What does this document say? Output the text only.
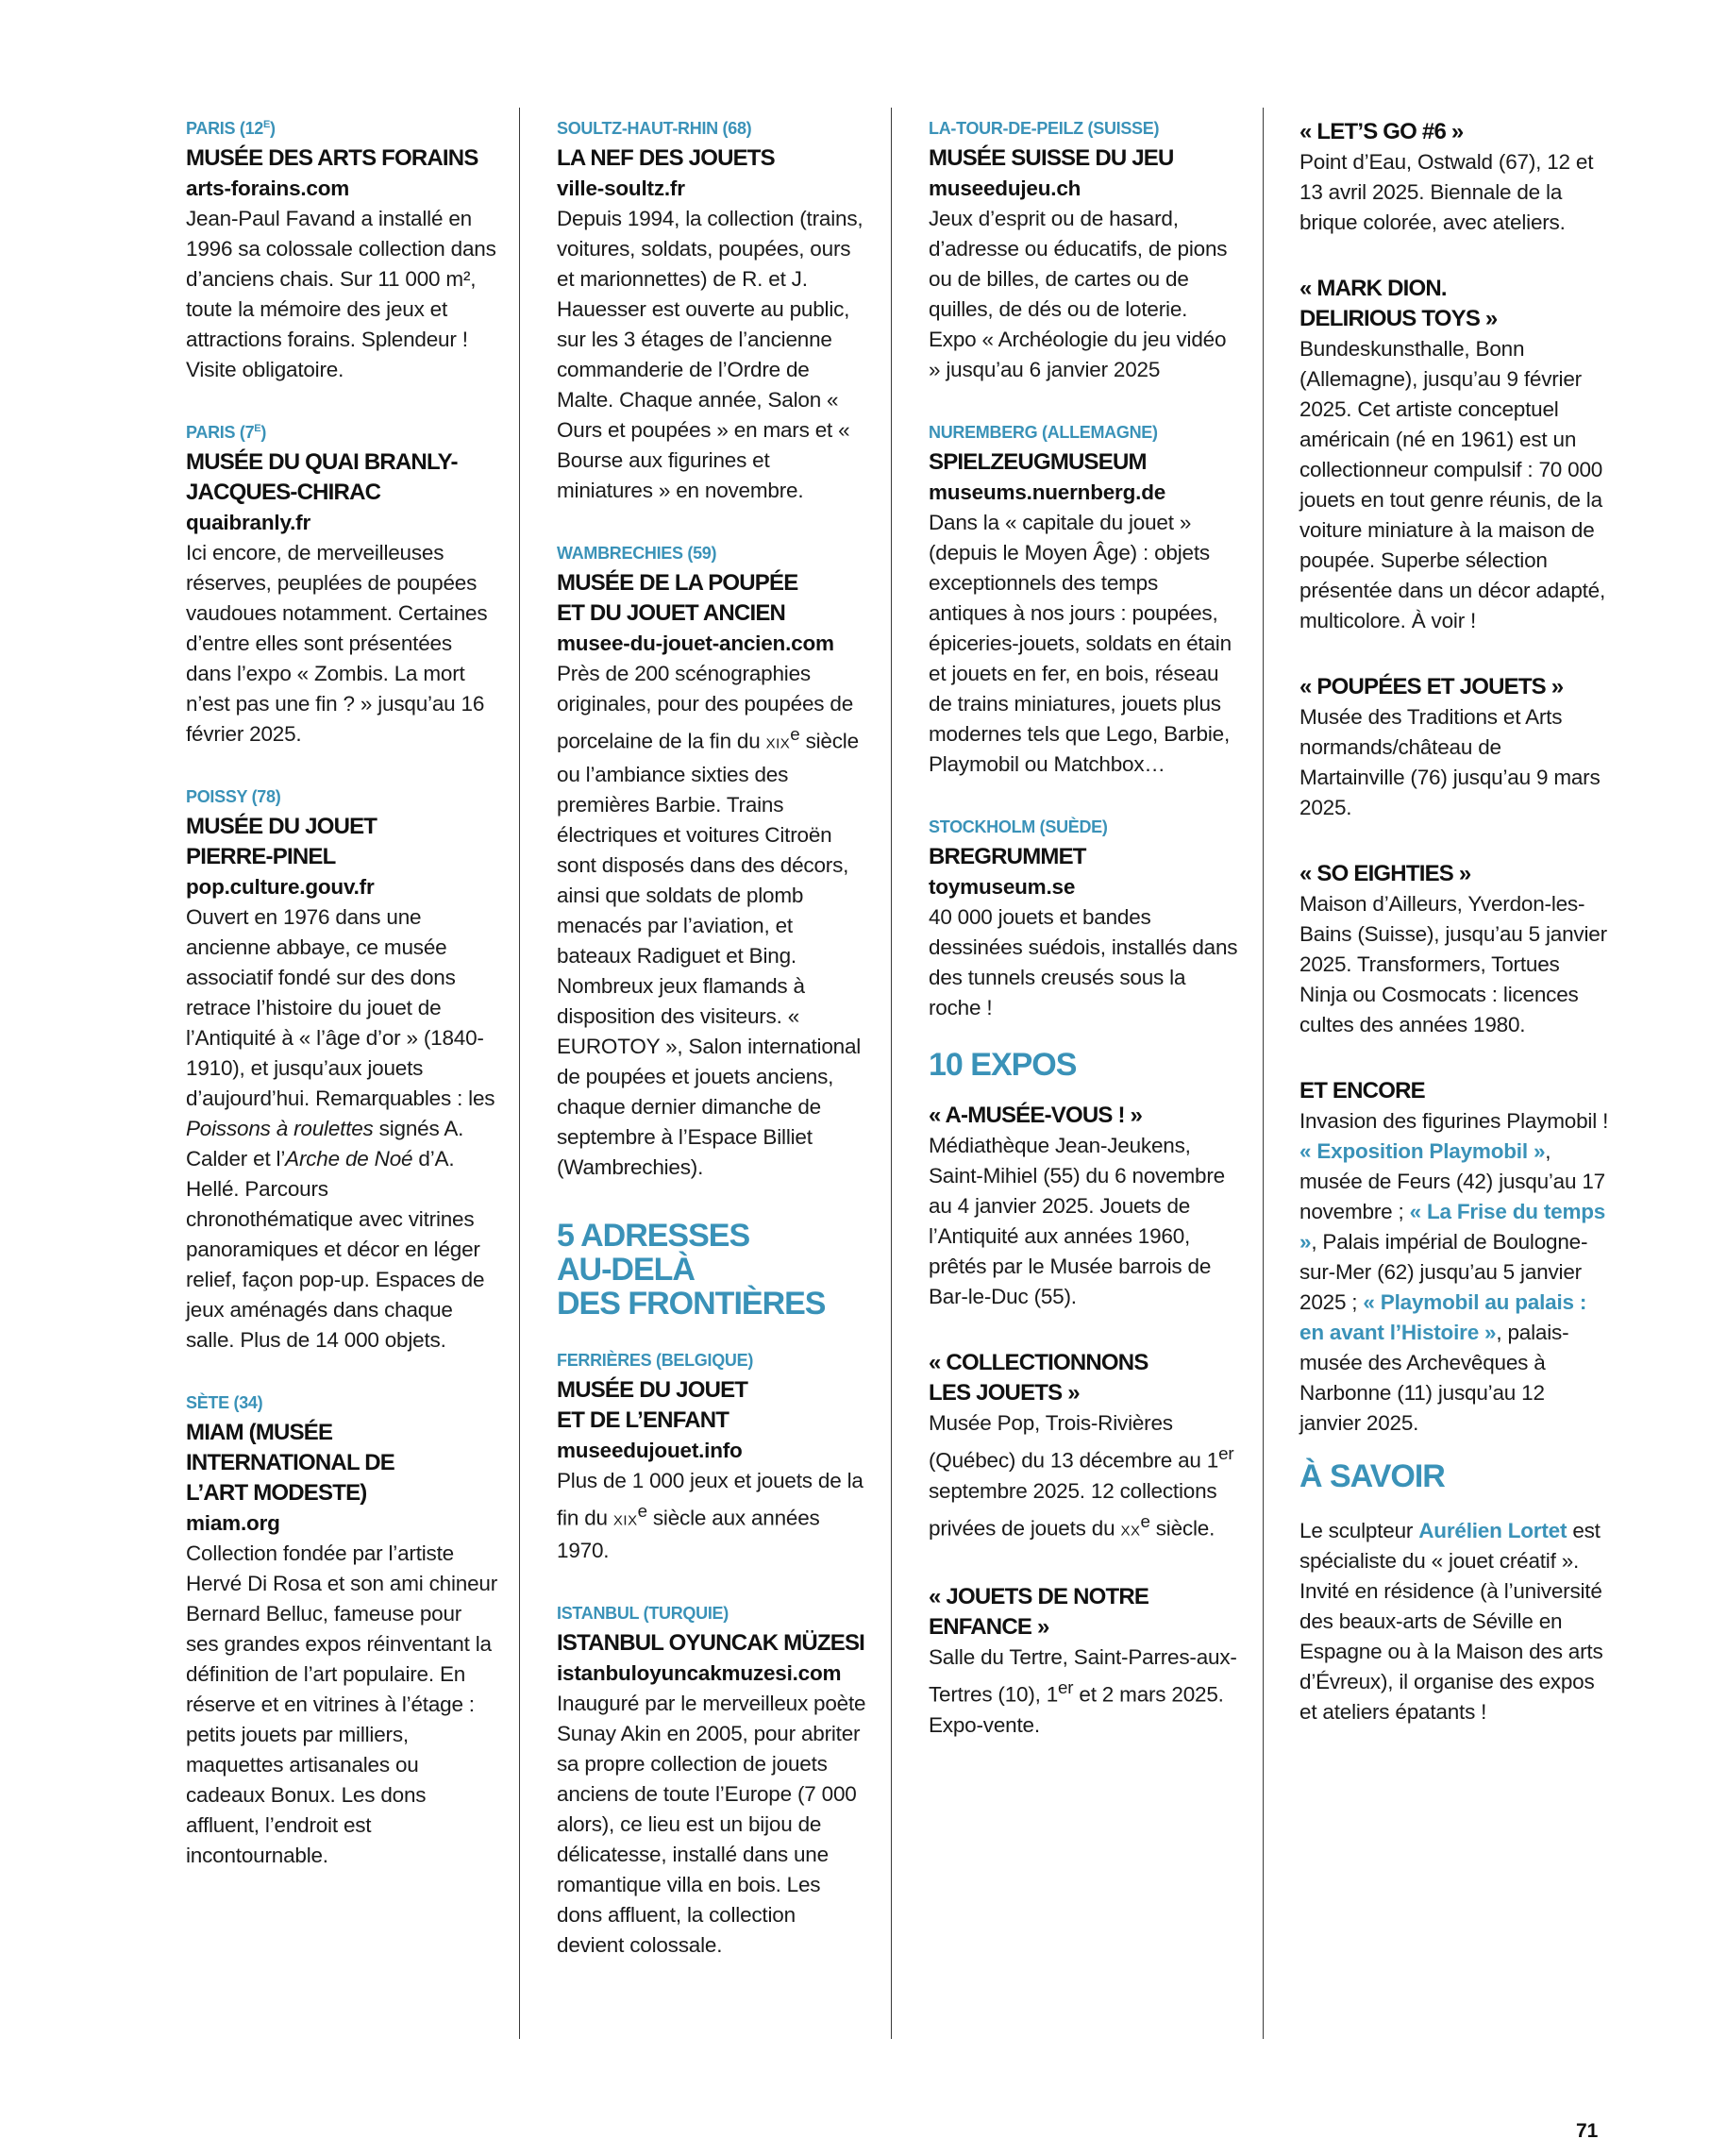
PARIS $(12^E)$
MUSÉE DES ARTS FORAINS
arts-forains.com
Jean-Paul Favand a installé en 1996 sa colossale collection dans d’anciens chais. Sur 11 000 m², toute la mémoire des jeux et attractions forains. Splendeur ! Visite obligatoire.
PARIS $(7^E)$
MUSÉE DU QUAI BRANLY-
JACQUES-CHIRAC
quaibranly.fr
Ici encore, de merveilleuses réserves, peuplées de poupées vaudoues notamment. Certaines d’entre elles sont présentées dans l’expo « Zombis. La mort n’est pas une fin ? » jusqu’au 16 février 2025.
POISSY (78)
MUSÉE DU JOUET
PIERRE-PINEL
pop.culture.gouv.fr
Ouvert en 1976 dans une ancienne abbaye, ce musée associatif fondé sur des dons retrace l’histoire du jouet de l’Antiquité à « l’âge d’or » (1840-1910), et jusqu’aux jouets d’aujourd’hui. Remarquables : les Poissons à roulettes signés A. Calder et l’Arche de Noé d’A. Hellé. Parcours chronothématique avec vitrines panoramiques et décor en léger relief, façon pop-up. Espaces de jeux aménagés dans chaque salle. Plus de 14 000 objets.
SÈTE (34)
MIAM (MUSÉE
INTERNATIONAL DE
L’ART MODESTE)
miam.org
Collection fondée par l’artiste Hervé Di Rosa et son ami chineur Bernard Belluc, fameuse pour ses grandes expos réinventant la définition de l’art populaire. En réserve et en vitrines à l’étage : petits jouets par milliers, maquettes artisanales ou cadeaux Bonux. Les dons affluent, l’endroit est incontournable.
SOULTZ-HAUT-RHIN (68)
LA NEF DES JOUETS
ville-soultz.fr
Depuis 1994, la collection (trains, voitures, soldats, poupées, ours et marionnettes) de R. et J. Hauesser est ouverte au public, sur les 3 étages de l’ancienne commanderie de l’Ordre de Malte. Chaque année, Salon « Ours et poupées » en mars et « Bourse aux figurines et miniatures » en novembre.
WAMBRECHIES (59)
MUSÉE DE LA POUPÉE
ET DU JOUET ANCIEN
musee-du-jouet-ancien.com
Près de 200 scénographies originales, pour des poupées de porcelaine de la fin du XIXe siècle ou l’ambiance sixties des premières Barbie. Trains électriques et voitures Citroën sont disposés dans des décors, ainsi que soldats de plomb menacés par l’aviation, et bateaux Radiguet et Bing. Nombreux jeux flamands à disposition des visiteurs. « EUROTOY », Salon international de poupées et jouets anciens, chaque dernier dimanche de septembre à l’Espace Billiet (Wambrechies).
5 ADRESSES
AU-DELÀ
DES FRONTIÈRES
FERRIÈRES (BELGIQUE)
MUSÉE DU JOUET
ET DE L’ENFANT
museedujouet.info
Plus de 1 000 jeux et jouets de la fin du XIXe siècle aux années 1970.
ISTANBUL (TURQUIE)
ISTANBUL OYUNCAK MÜZESI
istanbuloyuncakmuzesi.com
Inauguré par le merveilleux poète Sunay Akin en 2005, pour abriter sa propre collection de jouets anciens de toute l’Europe (7 000 alors), ce lieu est un bijou de délicatesse, installé dans une romantique villa en bois. Les dons affluent, la collection devient colossale.
LA-TOUR-DE-PEILZ (SUISSE)
MUSÉE SUISSE DU JEU
museedujeu.ch
Jeux d’esprit ou de hasard, d’adresse ou éducatifs, de pions ou de billes, de cartes ou de quilles, de dés ou de loterie. Expo « Archéologie du jeu vidéo » jusqu’au 6 janvier 2025
NUREMBERG (ALLEMAGNE)
SPIELZEUGMUSEUM
museums.nuernberg.de
Dans la « capitale du jouet » (depuis le Moyen Âge) : objets exceptionnels des temps antiques à nos jours : poupées, épiceries-jouets, soldats en étain et jouets en fer, en bois, réseau de trains miniatures, jouets plus modernes tels que Lego, Barbie, Playmobil ou Matchbox…
STOCKHOLM (SUÈDE)
BREGRUMMET
toymuseum.se
40 000 jouets et bandes dessinées suédois, installés dans des tunnels creusés sous la roche !
10 EXPOS
« A-MUSÉE-VOUS ! »
Médiathèque Jean-Jeukens, Saint-Mihiel (55) du 6 novembre au 4 janvier 2025. Jouets de l’Antiquité aux années 1960, prêtés par le Musée barrois de Bar-le-Duc (55).
« COLLECTIONNONS
LES JOUETS »
Musée Pop, Trois-Rivières (Québec) du 13 décembre au 1er septembre 2025. 12 collections privées de jouets du XXe siècle.
« JOUETS DE NOTRE
ENFANCE »
Salle du Tertre, Saint-Parres-aux-Tertres (10), 1er et 2 mars 2025. Expo-vente.
« LET’S GO #6 »
Point d’Eau, Ostwald (67), 12 et 13 avril 2025. Biennale de la brique colorée, avec ateliers.
« MARK DION.
DELIRIOUS TOYS »
Bundeskunsthalle, Bonn (Allemagne), jusqu’au 9 février 2025. Cet artiste conceptuel américain (né en 1961) est un collectionneur compulsif : 70 000 jouets en tout genre réunis, de la voiture miniature à la maison de poupée. Superbe sélection présentée dans un décor adapté, multicolore. À voir !
« POUPÉES ET JOUETS »
Musée des Traditions et Arts normands/château de Martainville (76) jusqu’au 9 mars 2025.
« SO EIGHTIES »
Maison d’Ailleurs, Yverdon-les-Bains (Suisse), jusqu’au 5 janvier 2025. Transformers, Tortues Ninja ou Cosmocats : licences cultes des années 1980.
ET ENCORE
Invasion des figurines Playmobil ! « Exposition Playmobil », musée de Feurs (42) jusqu’au 17 novembre ; « La Frise du temps », Palais impérial de Boulogne-sur-Mer (62) jusqu’au 5 janvier 2025 ; « Playmobil au palais : en avant l’Histoire », palais-musée des Archevêques à Narbonne (11) jusqu’au 12 janvier 2025.
À SAVOIR
Le sculpteur Aurélien Lortet est spécialiste du « jouet créatif ». Invité en résidence (à l’université des beaux-arts de Séville en Espagne ou à la Maison des arts d’Évreux), il organise des expos et ateliers épatants !
71
